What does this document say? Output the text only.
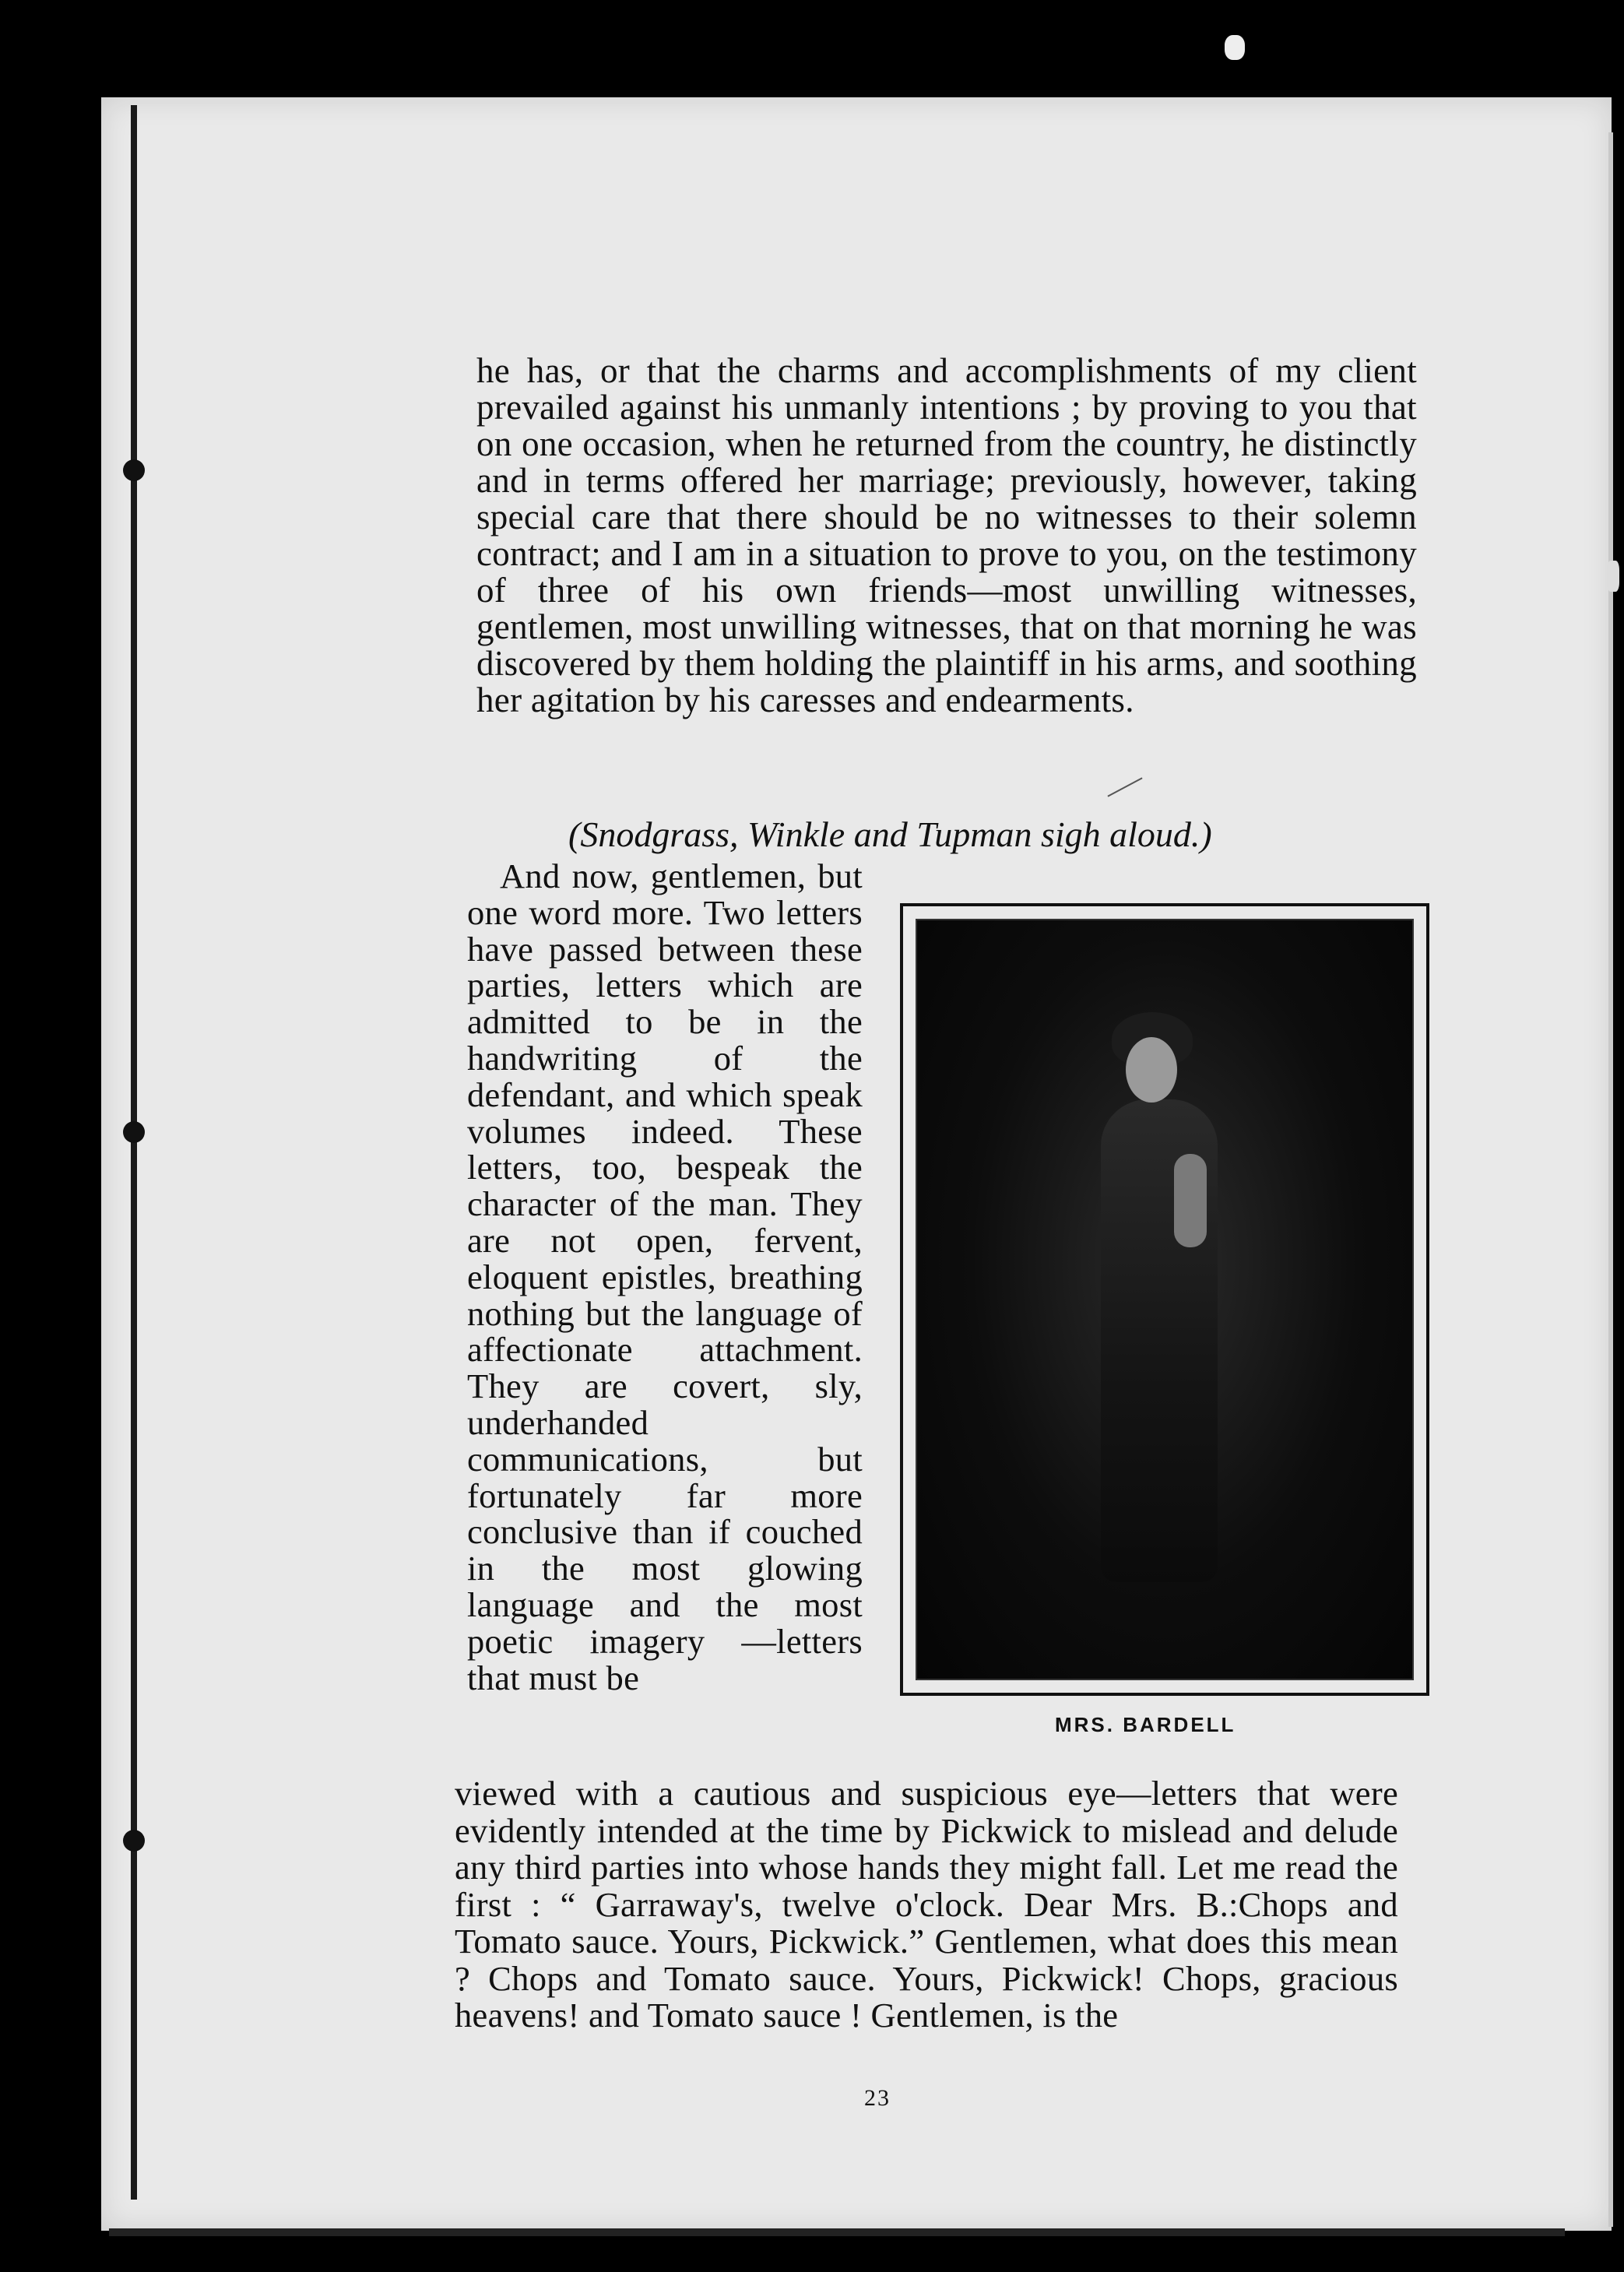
he has, or that the charms and accomplishments of my client prevailed against his unmanly intentions ; by proving to you that on one occasion, when he returned from the country, he distinctly and in terms offered her marriage; previously, however, taking special care that there should be no witnesses to their solemn contract; and I am in a situation to prove to you, on the testimony of three of his own friends—most unwilling witnesses, gentlemen, most unwilling witnesses, that on that morning he was discovered by them holding the plaintiff in his arms, and soothing her agitation by his caresses and endearments.

(Snodgrass, Winkle and Tupman sigh aloud.)

And now, gentlemen, but one word more. Two letters have passed between these parties, letters which are admitted to be in the handwriting of the defendant, and which speak volumes indeed. These letters, too, bespeak the character of the man. They are not open, fervent, eloquent epistles, breathing nothing but the language of affectionate attachment. They are covert, sly, underhanded communications, but fortunately far more conclusive than if couched in the most glowing language and the most poetic imagery —letters that must be

MRS. BARDELL

viewed with a cautious and suspicious eye—letters that were evidently intended at the time by Pickwick to mislead and delude any third parties into whose hands they might fall. Let me read the first : “ Garraway's, twelve o'clock. Dear Mrs. B.:Chops and Tomato sauce. Yours, Pickwick.” Gentlemen, what does this mean ? Chops and Tomato sauce. Yours, Pickwick! Chops, gracious heavens! and Tomato sauce ! Gentlemen, is the

23
